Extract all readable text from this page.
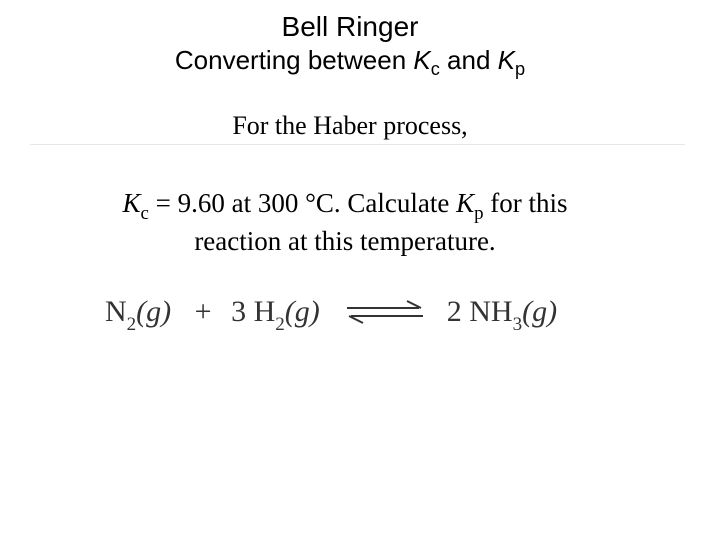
Bell Ringer
Converting between $K_c$ and $K_p$
For the Haber process,
$K_c = 9.60$ at 300 °C. Calculate $K_p$ for this
reaction at this temperature.
$N_2(g) + 3$ $H_2(g)$ ⇌ 2 $NH_3(g)$
